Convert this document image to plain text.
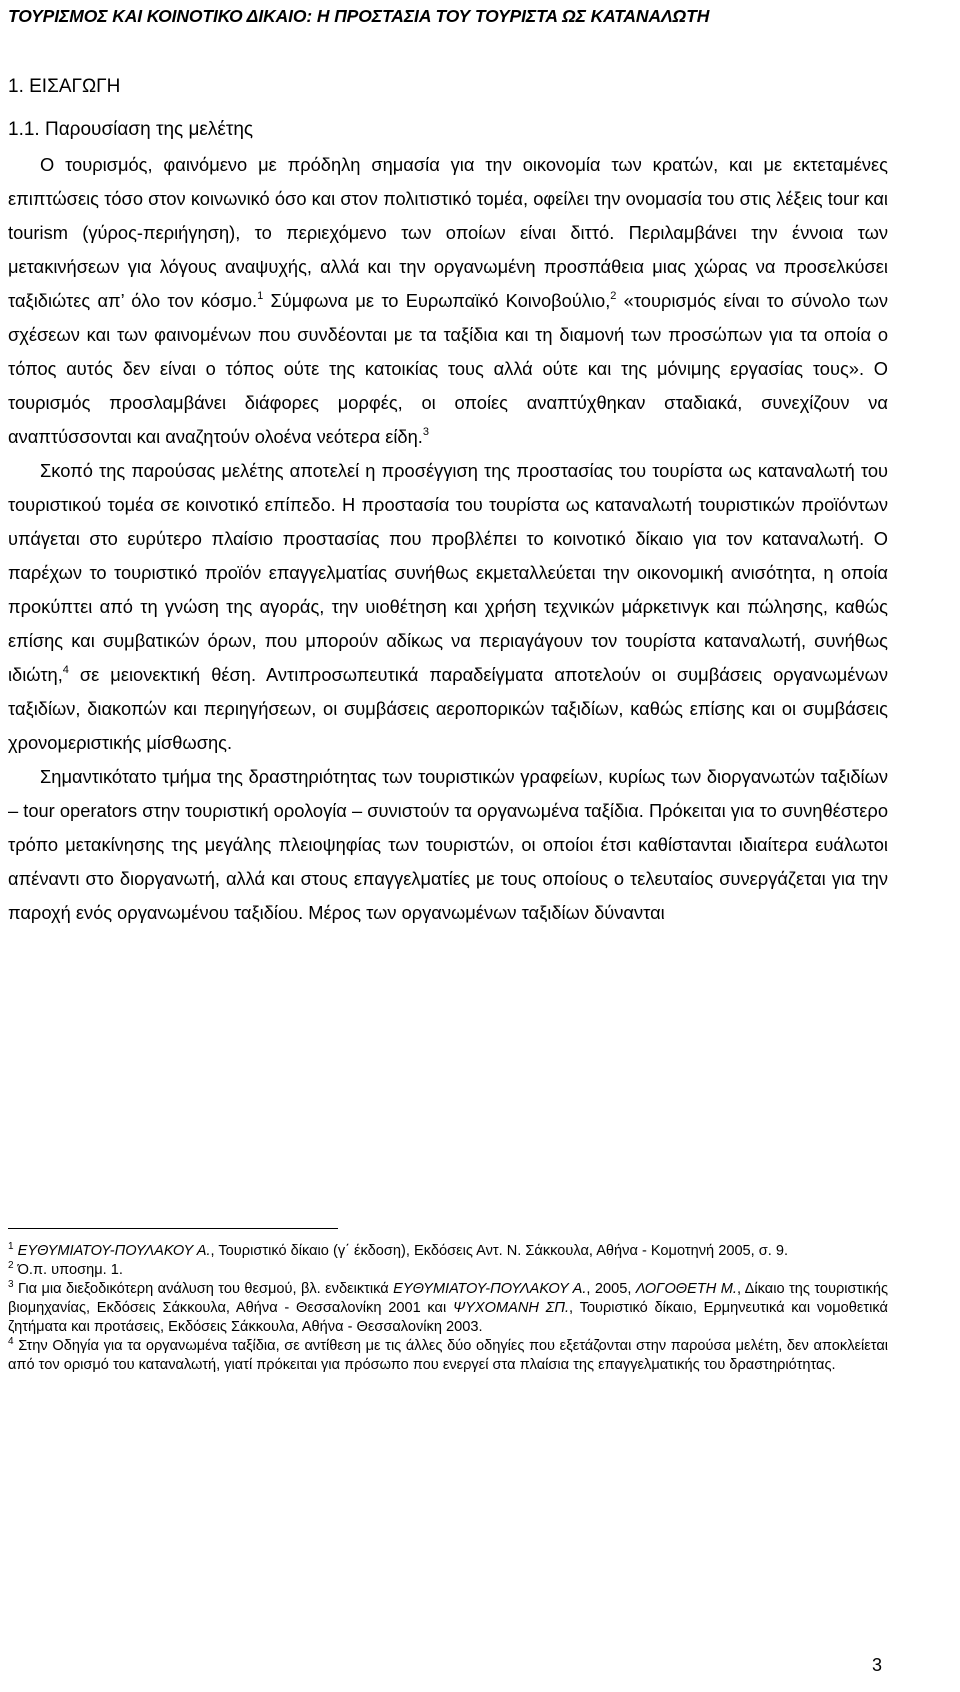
ΤΟΥΡΙΣΜΟΣ ΚΑΙ ΚΟΙΝΟΤΙΚΟ ΔΙΚΑΙΟ: Η ΠΡΟΣΤΑΣΙΑ ΤΟΥ ΤΟΥΡΙΣΤΑ ΩΣ ΚΑΤΑΝΑΛΩΤΗ
1. ΕΙΣΑΓΩΓΗ
1.1. Παρουσίαση της μελέτης

Ο τουρισμός, φαινόμενο με πρόδηλη σημασία για την οικονομία των κρατών, και με εκτεταμένες επιπτώσεις τόσο στον κοινωνικό όσο και στον πολιτιστικό τομέα, οφείλει την ονομασία του στις λέξεις tour και tourism (γύρος-περιήγηση), το περιεχόμενο των οποίων είναι διττό. Περιλαμβάνει την έννοια των μετακινήσεων για λόγους αναψυχής, αλλά και την οργανωμένη προσπάθεια μιας χώρας να προσελκύσει ταξιδιώτες απ’ όλο τον κόσμο.$^1$ Σύμφωνα με το Ευρωπαϊκό Κοινοβούλιο,$^2$ «τουρισμός είναι το σύνολο των σχέσεων και των φαινομένων που συνδέονται με τα ταξίδια και τη διαμονή των προσώπων για τα οποία ο τόπος αυτός δεν είναι ο τόπος ούτε της κατοικίας τους αλλά ούτε και της μόνιμης εργασίας τους». Ο τουρισμός προσλαμβάνει διάφορες μορφές, οι οποίες αναπτύχθηκαν σταδιακά, συνεχίζουν να αναπτύσσονται και αναζητούν ολοένα νεότερα είδη.$^3$

Σκοπό της παρούσας μελέτης αποτελεί η προσέγγιση της προστασίας του τουρίστα ως καταναλωτή του τουριστικού τομέα σε κοινοτικό επίπεδο. Η προστασία του τουρίστα ως καταναλωτή τουριστικών προϊόντων υπάγεται στο ευρύτερο πλαίσιο προστασίας που προβλέπει το κοινοτικό δίκαιο για τον καταναλωτή. Ο παρέχων το τουριστικό προϊόν επαγγελματίας συνήθως εκμεταλλεύεται την οικονομική ανισότητα, η οποία προκύπτει από τη γνώση της αγοράς, την υιοθέτηση και χρήση τεχνικών μάρκετινγκ και πώλησης, καθώς επίσης και συμβατικών όρων, που μπορούν αδίκως να περιαγάγουν τον τουρίστα καταναλωτή, συνήθως ιδιώτη,$^4$ σε μειονεκτική θέση. Αντιπροσωπευτικά παραδείγματα αποτελούν οι συμβάσεις οργανωμένων ταξιδίων, διακοπών και περιηγήσεων, οι συμβάσεις αεροπορικών ταξιδίων, καθώς επίσης και οι συμβάσεις χρονομεριστικής μίσθωσης.

Σημαντικότατο τμήμα της δραστηριότητας των τουριστικών γραφείων, κυρίως των διοργανωτών ταξιδίων – tour operators στην τουριστική ορολογία – συνιστούν τα οργανωμένα ταξίδια. Πρόκειται για το συνηθέστερο τρόπο μετακίνησης της μεγάλης πλειοψηφίας των τουριστών, οι οποίοι έτσι καθίστανται ιδιαίτερα ευάλωτοι απέναντι στο διοργανωτή, αλλά και στους επαγγελματίες με τους οποίους ο τελευταίος συνεργάζεται για την παροχή ενός οργανωμένου ταξιδίου. Μέρος των οργανωμένων ταξιδίων δύνανται

$^1$ ΕΥΘΥΜΙΑΤΟΥ-ΠΟΥΛΑΚΟΥ Α., Τουριστικό δίκαιο (γ΄ έκδοση), Εκδόσεις Αντ. Ν. Σάκκουλα, Αθήνα - Κομοτηνή 2005, σ. 9.

$^2$ Ό.π. υποσημ. 1.

$^3$ Για μια διεξοδικότερη ανάλυση του θεσμού, βλ. ενδεικτικά ΕΥΘΥΜΙΑΤΟΥ-ΠΟΥΛΑΚΟΥ Α., 2005, ΛΟΓΟΘΕΤΗ Μ., Δίκαιο της τουριστικής βιομηχανίας, Εκδόσεις Σάκκουλα, Αθήνα - Θεσσαλονίκη 2001 και ΨΥΧΟΜΑΝΗ ΣΠ., Τουριστικό δίκαιο, Ερμηνευτικά και νομοθετικά ζητήματα και προτάσεις, Εκδόσεις Σάκκουλα, Αθήνα - Θεσσαλονίκη 2003.

$^4$ Στην Οδηγία για τα οργανωμένα ταξίδια, σε αντίθεση με τις άλλες δύο οδηγίες που εξετάζονται στην παρούσα μελέτη, δεν αποκλείεται από τον ορισμό του καταναλωτή, γιατί πρόκειται για πρόσωπο που ενεργεί στα πλαίσια της επαγγελματικής του δραστηριότητας.

3
